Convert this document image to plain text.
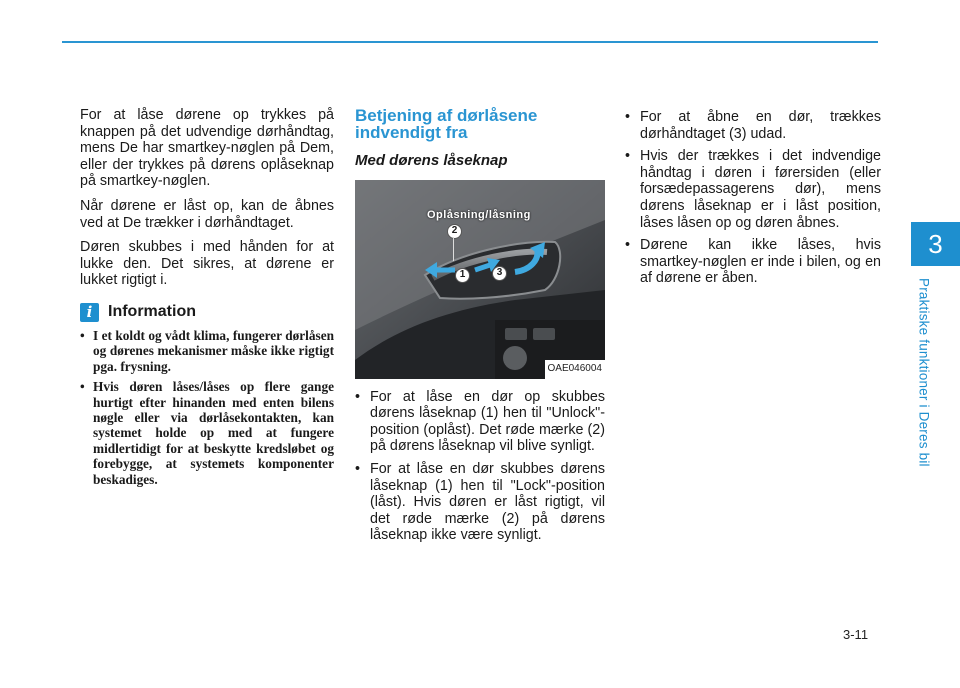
3
Praktiske funktioner i Deres bil

For at låse dørene op trykkes på knappen på det udvendige dørhåndtag, mens De har smartkey-nøglen på Dem, eller der trykkes på dørens oplåseknap på smartkey-nøglen.

Når dørene er låst op, kan de åbnes ved at De trækker i dørhåndtaget.

Døren skubbes i med hånden for at lukke den. Det sikres, at dørene er lukket rigtigt i.

i Information
• I et koldt og vådt klima, fungerer dørlåsen og dørenes mekanismer måske ikke rigtigt pga. frysning.
• Hvis døren låses/låses op flere gange hurtigt efter hinanden med enten bilens nøgle eller via dørlåsekontakten, kan systemet holde op med at fungere midlertidigt for at beskytte kredsløbet og forebygge, at systemets komponenter beskadiges.
Betjening af dørlåsene
indvendigt fra
Med dørens låseknap
Oplåsning/låsning
2
1	3
OAE046004
• For at låse en dør op skubbes dørens låseknap (1) hen til "Unlock"-position (oplåst). Det røde mærke (2) på dørens låseknap vil blive synligt.
• For at låse en dør skubbes dørens låseknap (1) hen til "Lock"-position (låst). Hvis døren er låst rigtigt, vil det røde mærke (2) på dørens låseknap ikke være synligt.
• For at åbne en dør, trækkes dørhåndtaget (3) udad.
• Hvis der trækkes i det indvendige håndtag i døren i førersiden (eller forsædepassagerens dør), mens dørens låseknap er i låst position, låses låsen op og døren åbnes.
• Dørene kan ikke låses, hvis smartkey-nøglen er inde i bilen, og en af dørene er åben.
3-11
